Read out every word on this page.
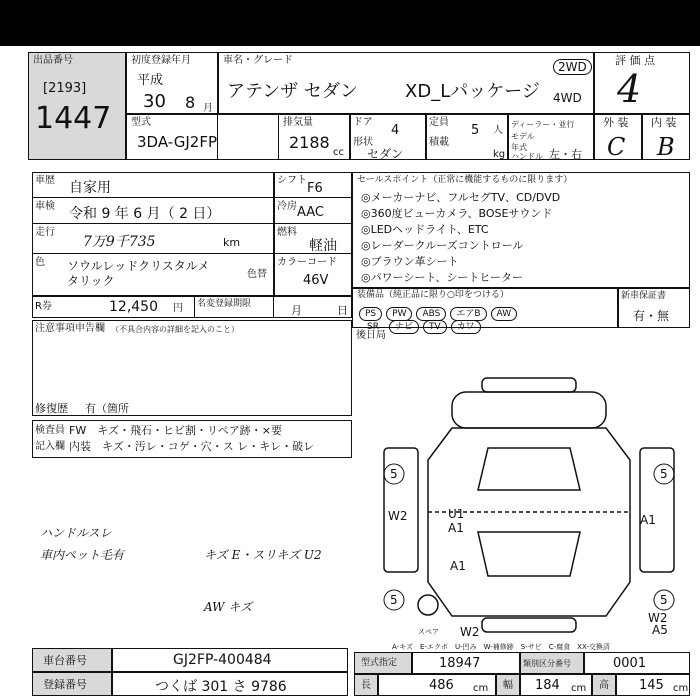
出品番号
[2193]
1447
初度登録年月
平成
30 8 月
車名・グレード
アテンザ セダン	XD_Lパッケージ
2WD
4WD
評 価 点
4
型式
3DA-GJ2FP
排気量
2188
cc
ドア
4
形状
セダン
定員
5 人
積載
kg
ディーラー・並行
モデル年式
ハンドル 左・右
外 装
C
内 装
B
車歴 自家用
車検 令和 9 年 6 月（ 2 日）
走行
7万9千735	km
色 ソウルレッドクリスタルメタリック	色替
R券	12,450 円 名変登録期限	月	日
シフト
F6
冷房 AAC
燃料
軽油
カラーコード
46V
セールスポイント（正常に機能するものに限ります）
◎メーカーナビ、フルセグTV、CD/DVD
◎360度ビューカメラ、BOSEサウンド
◎LEDヘッドライト、ETC
◎レーダークルーズコントロール
◎ブラウン革シート
◎パワーシート、シートヒーター
装備品（純正品に限り○印をつける）
PS PW ABS エアB AW
SR ナビ TV カワ
新車保証書
有・無
注意事項申告欄 （不具合内容の詳細を記入のこと）
修復歴 有（箇所
後日局
検査員
記入欄
FW　キズ・飛石・ヒビ割・リペア跡・×要
内装　キズ・汚レ・コゲ・穴・ス レ・キレ・破レ
ハンドルスレ
車内ペット毛有	キズ E・スリキズ U2
AW キズ
5	5
5	5
U1
A1
A1
A1
W2
W2	A5
W2
スペア
A-キズ　E-エクボ　U-凹み　W-補修跡　S-サビ　C-腐食　XX-交換済
車台番号	GJ2FP-400484
登録番号	つくば 301 さ 9786
型式指定	18947	類別区分番号	0001
長	486 cm 幅 184 cm 高 145 cm
